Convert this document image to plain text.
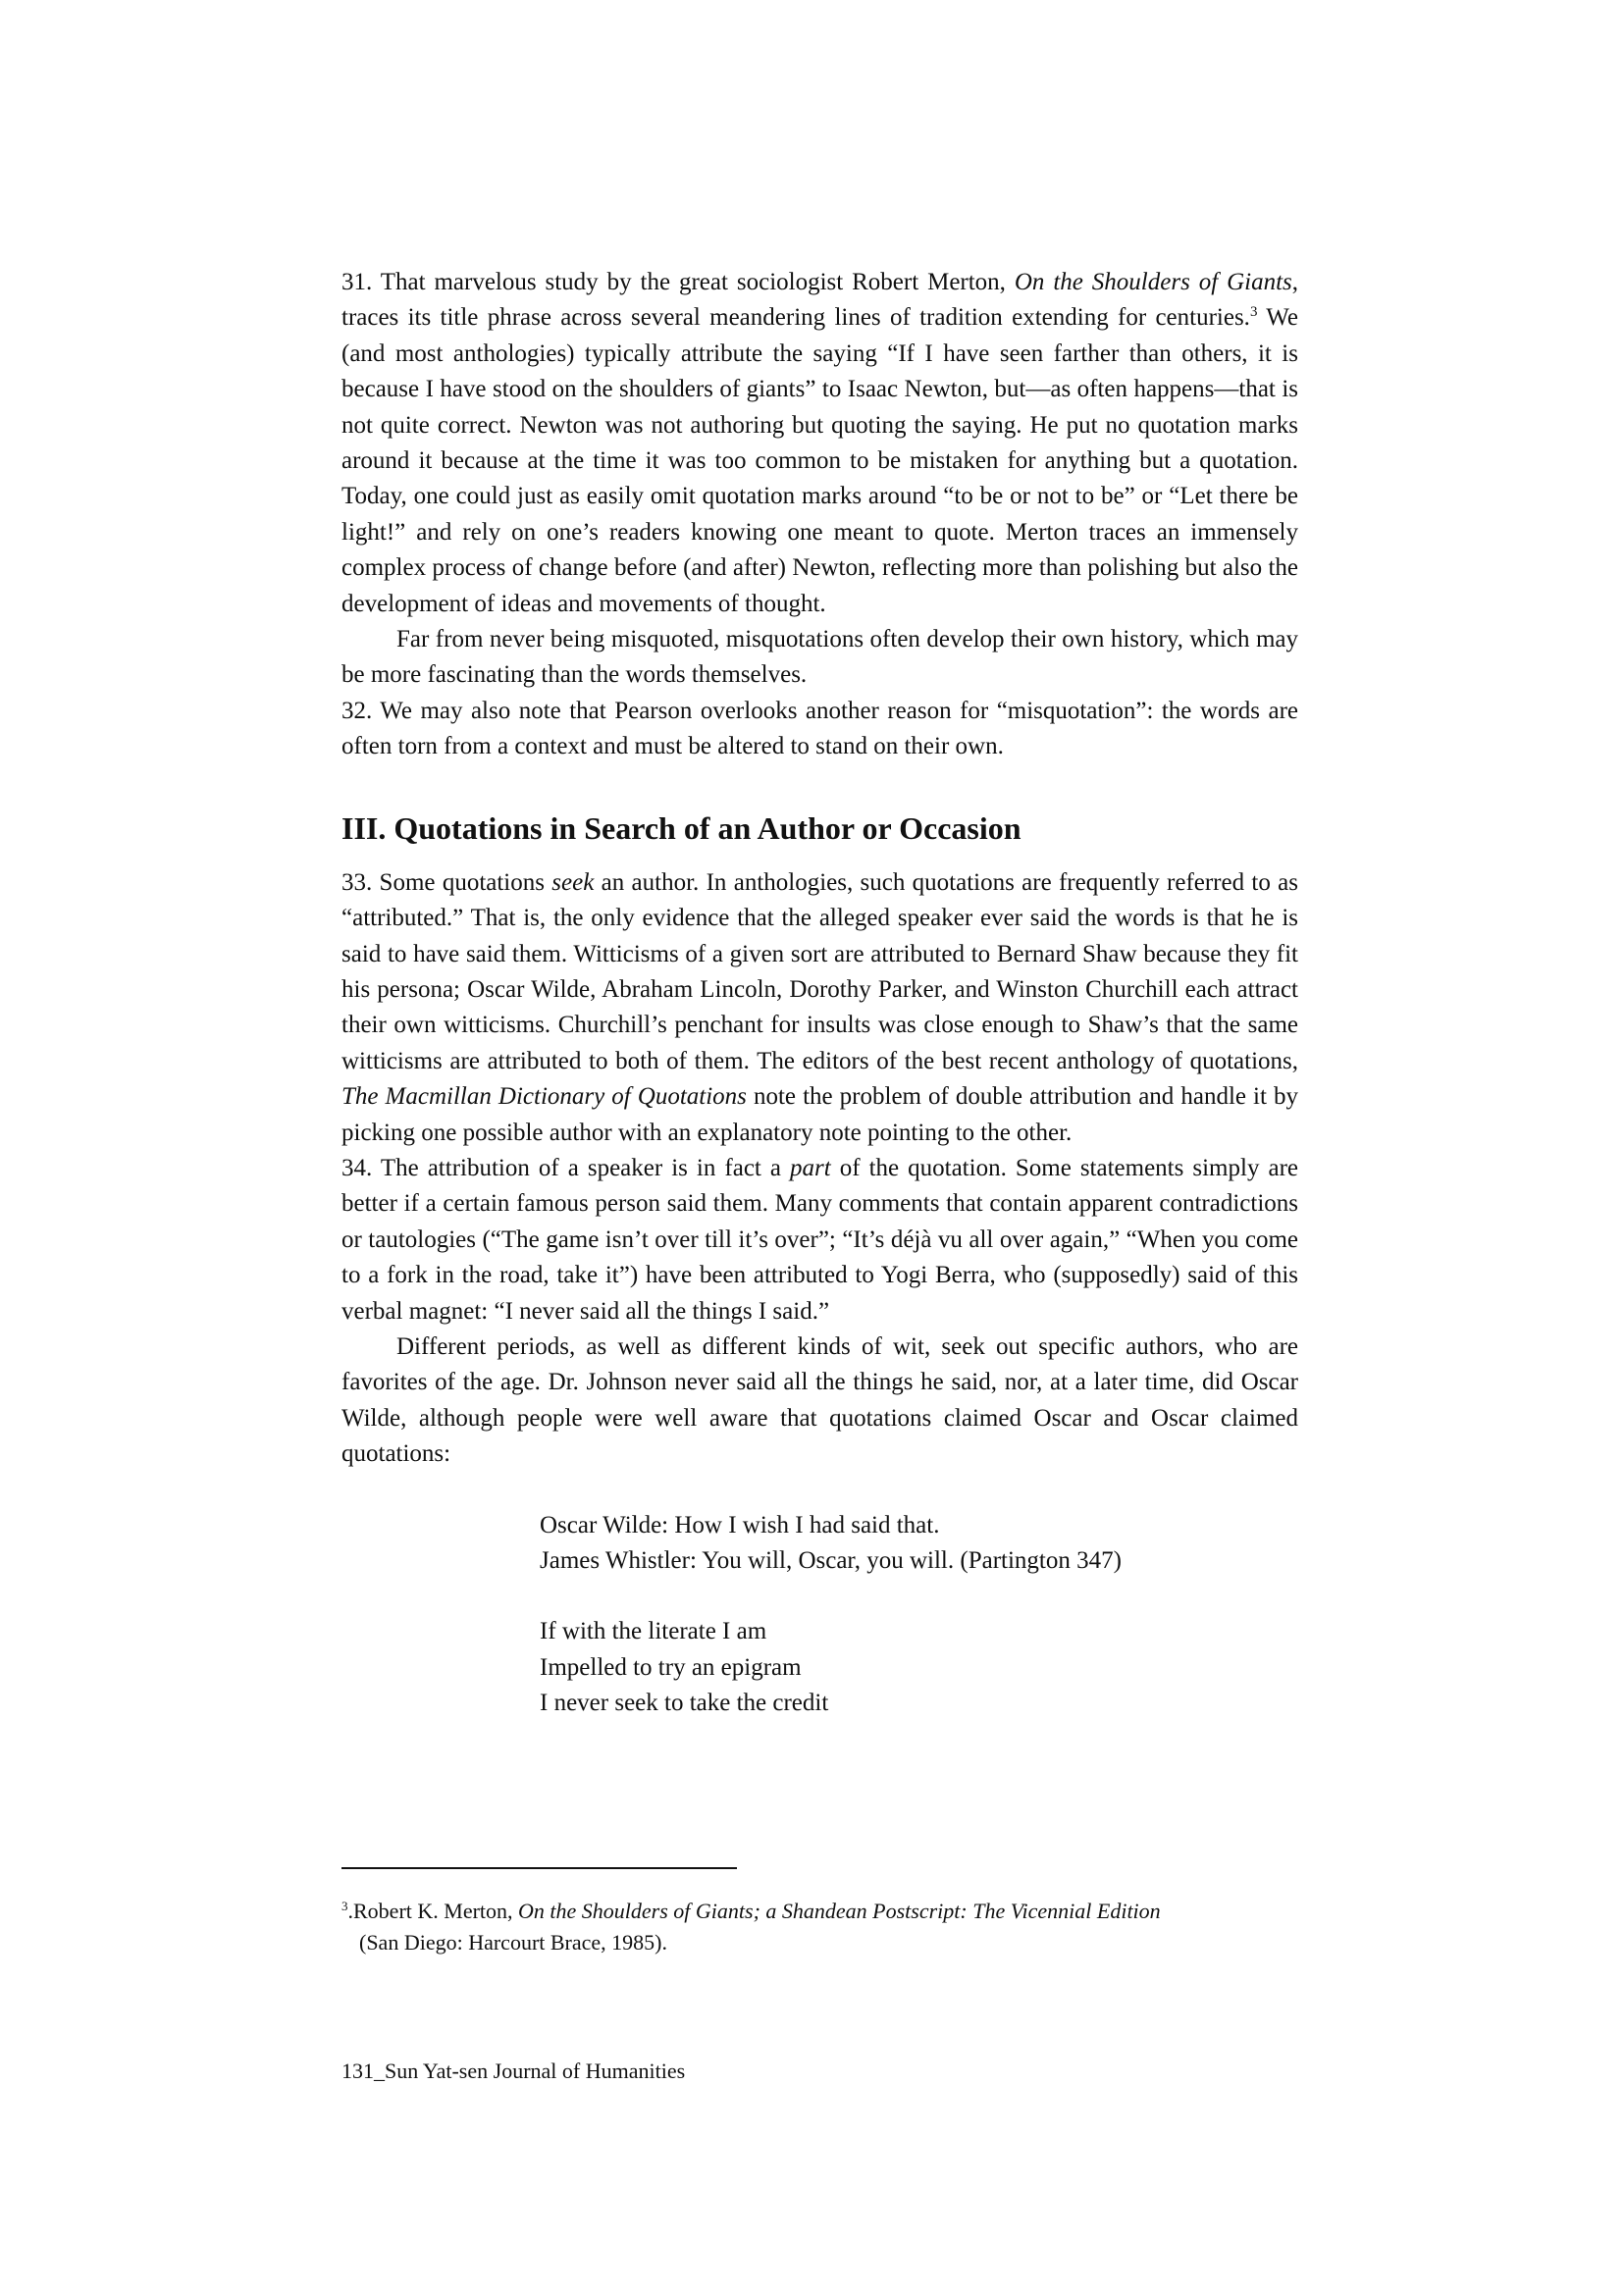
31. That marvelous study by the great sociologist Robert Merton, On the Shoulders of Giants, traces its title phrase across several meandering lines of tradition extending for centuries.$^3$ We (and most anthologies) typically attribute the saying “If I have seen farther than others, it is because I have stood on the shoulders of giants” to Isaac Newton, but—as often happens—that is not quite correct. Newton was not authoring but quoting the saying. He put no quotation marks around it because at the time it was too common to be mistaken for anything but a quotation. Today, one could just as easily omit quotation marks around “to be or not to be” or “Let there be light!” and rely on one’s readers knowing one meant to quote. Merton traces an immensely complex process of change before (and after) Newton, reflecting more than polishing but also the development of ideas and movements of thought.

Far from never being misquoted, misquotations often develop their own history, which may be more fascinating than the words themselves.

32. We may also note that Pearson overlooks another reason for “misquotation”: the words are often torn from a context and must be altered to stand on their own.

III. Quotations in Search of an Author or Occasion

33. Some quotations seek an author. In anthologies, such quotations are frequently referred to as “attributed.” That is, the only evidence that the alleged speaker ever said the words is that he is said to have said them. Witticisms of a given sort are attributed to Bernard Shaw because they fit his persona; Oscar Wilde, Abraham Lincoln, Dorothy Parker, and Winston Churchill each attract their own witticisms. Churchill’s penchant for insults was close enough to Shaw’s that the same witticisms are attributed to both of them. The editors of the best recent anthology of quotations, The Macmillan Dictionary of Quotations note the problem of double attribution and handle it by picking one possible author with an explanatory note pointing to the other.

34. The attribution of a speaker is in fact a part of the quotation. Some statements simply are better if a certain famous person said them. Many comments that contain apparent contradictions or tautologies (“The game isn’t over till it’s over”; “It’s déjà vu all over again,” “When you come to a fork in the road, take it”) have been attributed to Yogi Berra, who (supposedly) said of this verbal magnet: “I never said all the things I said.”

Different periods, as well as different kinds of wit, seek out specific authors, who are favorites of the age. Dr. Johnson never said all the things he said, nor, at a later time, did Oscar Wilde, although people were well aware that quotations claimed Oscar and Oscar claimed quotations:

Oscar Wilde: How I wish I had said that.

James Whistler: You will, Oscar, you will. (Partington 347)

If with the literate I am

Impelled to try an epigram

I never seek to take the credit

$^3$.Robert K. Merton, On the Shoulders of Giants; a Shandean Postscript: The Vicennial Edition

(San Diego: Harcourt Brace, 1985).

131_Sun Yat-sen Journal of Humanities
